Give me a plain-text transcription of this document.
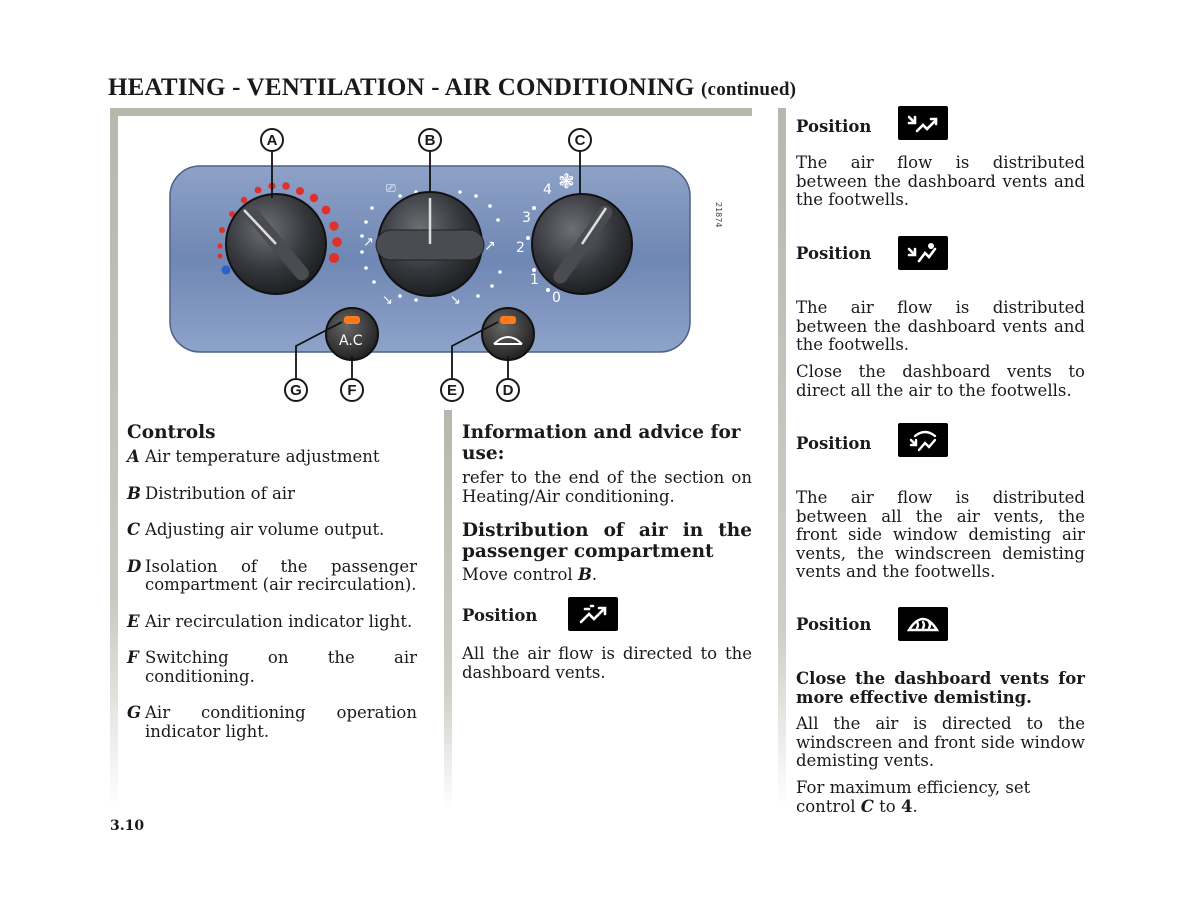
HEATING - VENTILATION - AIR CONDITIONING (continued)
⎚
↗	↗
↘	↘	0
1
2
3
4 ❃
21874
A.C
A	B	C
G	F	E	D
Controls
A Air temperature adjustment
B Distribution of air
C Adjusting air volume output.
D Isolation of the passenger compartment (air recirculation).
E Air recirculation indicator light.
F Switching on the air conditioning.
G Air conditioning operation indicator light.
Information and advice for use:
refer to the end of the section on Heating/Air conditioning.
Distribution of air in the passenger compartment
Move control B.
Position
All the air flow is directed to the dashboard vents.
Position
The air flow is distributed between the dashboard vents and the footwells.
Position
The air flow is distributed between the dashboard vents and the footwells.
Close the dashboard vents to direct all the air to the footwells.
Position
The air flow is distributed between all the air vents, the front side window demisting air vents, the windscreen demisting vents and the footwells.
Position
Close the dashboard vents for more effective demisting.
All the air is directed to the windscreen and front side window demisting vents.
For maximum efficiency, set control C to 4.
3.10
